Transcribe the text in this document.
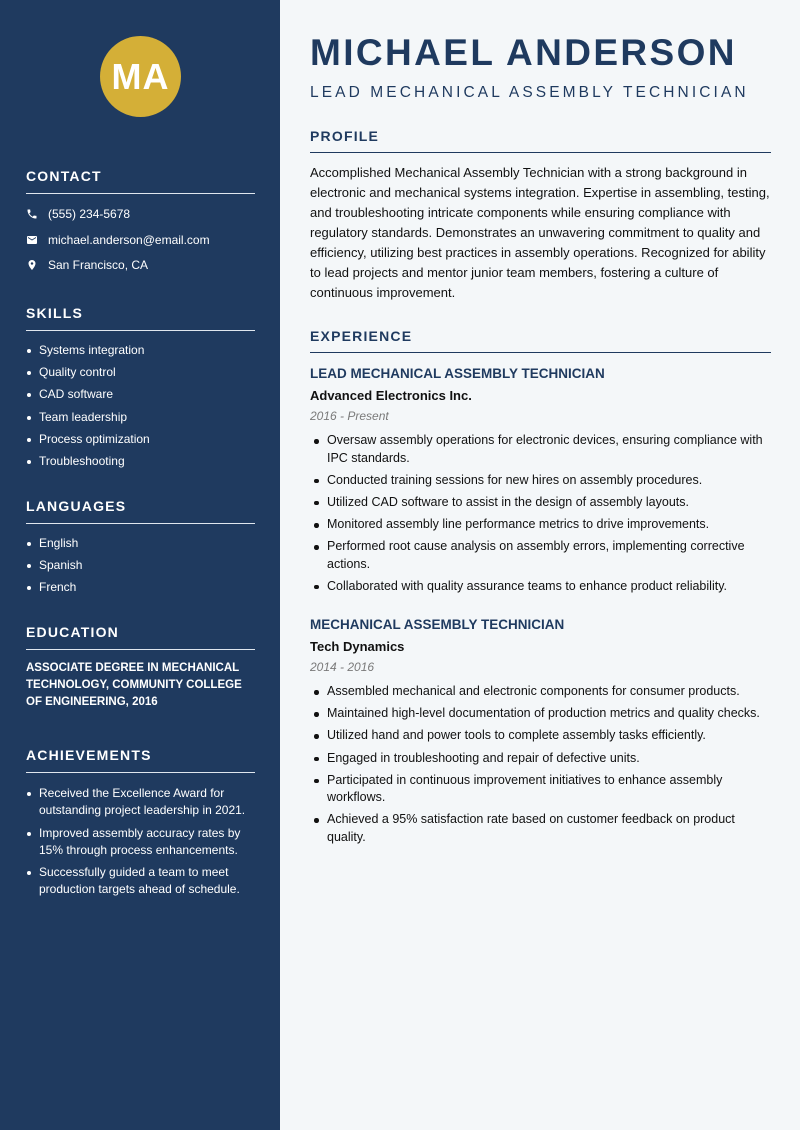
MA
CONTACT
(555) 234-5678
michael.anderson@email.com
San Francisco, CA
SKILLS
Systems integration
Quality control
CAD software
Team leadership
Process optimization
Troubleshooting
LANGUAGES
English
Spanish
French
EDUCATION
ASSOCIATE DEGREE IN MECHANICAL TECHNOLOGY, COMMUNITY COLLEGE OF ENGINEERING, 2016
ACHIEVEMENTS
Received the Excellence Award for outstanding project leadership in 2021.
Improved assembly accuracy rates by 15% through process enhancements.
Successfully guided a team to meet production targets ahead of schedule.
MICHAEL ANDERSON
LEAD MECHANICAL ASSEMBLY TECHNICIAN
PROFILE
Accomplished Mechanical Assembly Technician with a strong background in electronic and mechanical systems integration. Expertise in assembling, testing, and troubleshooting intricate components while ensuring compliance with regulatory standards. Demonstrates an unwavering commitment to quality and efficiency, utilizing best practices in assembly operations. Recognized for ability to lead projects and mentor junior team members, fostering a culture of continuous improvement.
EXPERIENCE
LEAD MECHANICAL ASSEMBLY TECHNICIAN
Advanced Electronics Inc.
2016 - Present
Oversaw assembly operations for electronic devices, ensuring compliance with IPC standards.
Conducted training sessions for new hires on assembly procedures.
Utilized CAD software to assist in the design of assembly layouts.
Monitored assembly line performance metrics to drive improvements.
Performed root cause analysis on assembly errors, implementing corrective actions.
Collaborated with quality assurance teams to enhance product reliability.
MECHANICAL ASSEMBLY TECHNICIAN
Tech Dynamics
2014 - 2016
Assembled mechanical and electronic components for consumer products.
Maintained high-level documentation of production metrics and quality checks.
Utilized hand and power tools to complete assembly tasks efficiently.
Engaged in troubleshooting and repair of defective units.
Participated in continuous improvement initiatives to enhance assembly workflows.
Achieved a 95% satisfaction rate based on customer feedback on product quality.
